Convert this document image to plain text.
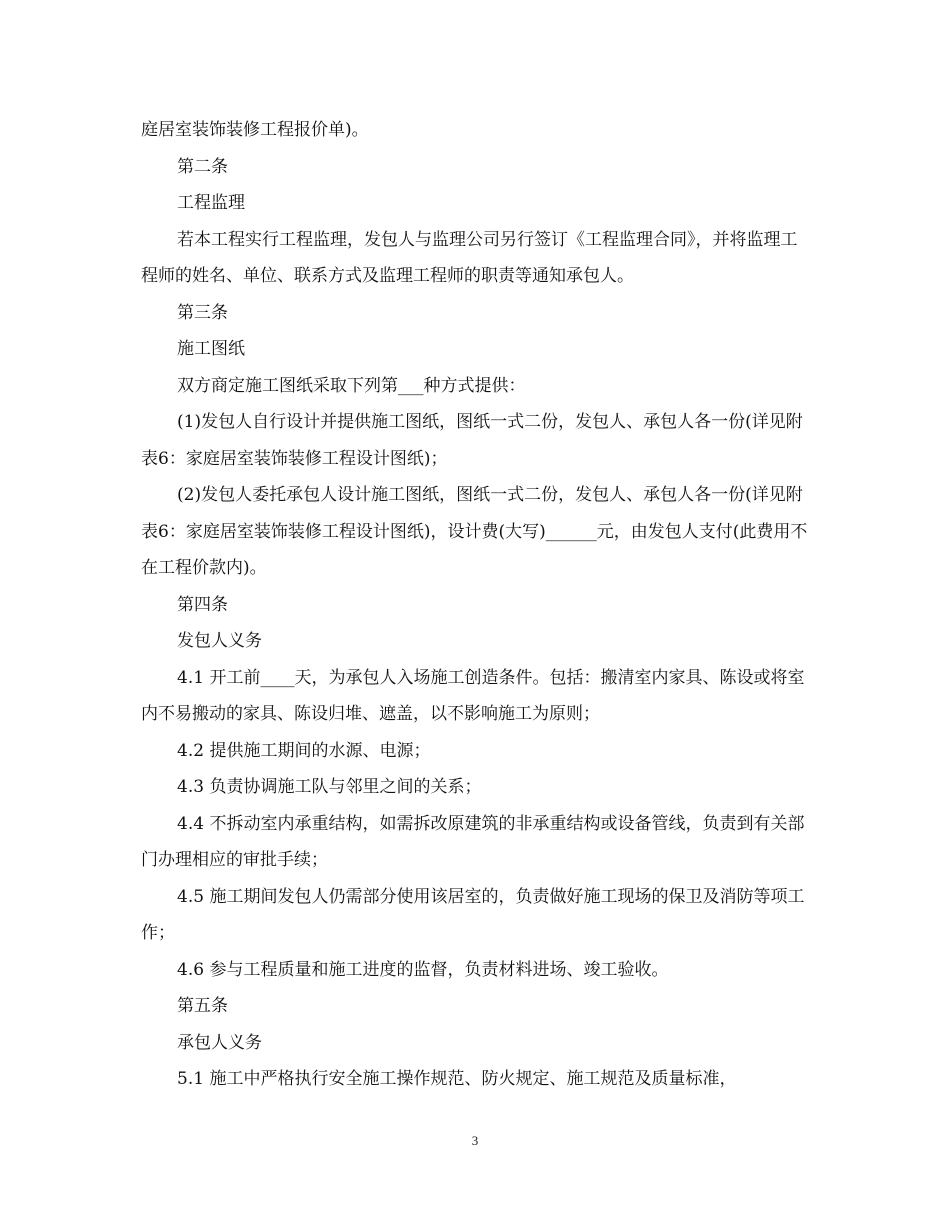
庭居室装饰装修工程报价单)。

第二条

工程监理

若本工程实行工程监理，发包人与监理公司另行签订《工程监理合同》，并将监理工程师的姓名、单位、联系方式及监理工程师的职责等通知承包人。

第三条

施工图纸

双方商定施工图纸采取下列第___种方式提供：

(1)发包人自行设计并提供施工图纸，图纸一式二份，发包人、承包人各一份(详见附表6：家庭居室装饰装修工程设计图纸)；

(2)发包人委托承包人设计施工图纸，图纸一式二份，发包人、承包人各一份(详见附表6：家庭居室装饰装修工程设计图纸)，设计费(大写)______元，由发包人支付(此费用不在工程价款内)。

第四条

发包人义务

4.1 开工前____天，为承包人入场施工创造条件。包括：搬清室内家具、陈设或将室内不易搬动的家具、陈设归堆、遮盖，以不影响施工为原则；

4.2 提供施工期间的水源、电源；

4.3 负责协调施工队与邻里之间的关系；

4.4 不拆动室内承重结构，如需拆改原建筑的非承重结构或设备管线，负责到有关部门办理相应的审批手续；

4.5 施工期间发包人仍需部分使用该居室的，负责做好施工现场的保卫及消防等项工作；

4.6 参与工程质量和施工进度的监督，负责材料进场、竣工验收。

第五条

承包人义务

5.1 施工中严格执行安全施工操作规范、防火规定、施工规范及质量标准，

3
